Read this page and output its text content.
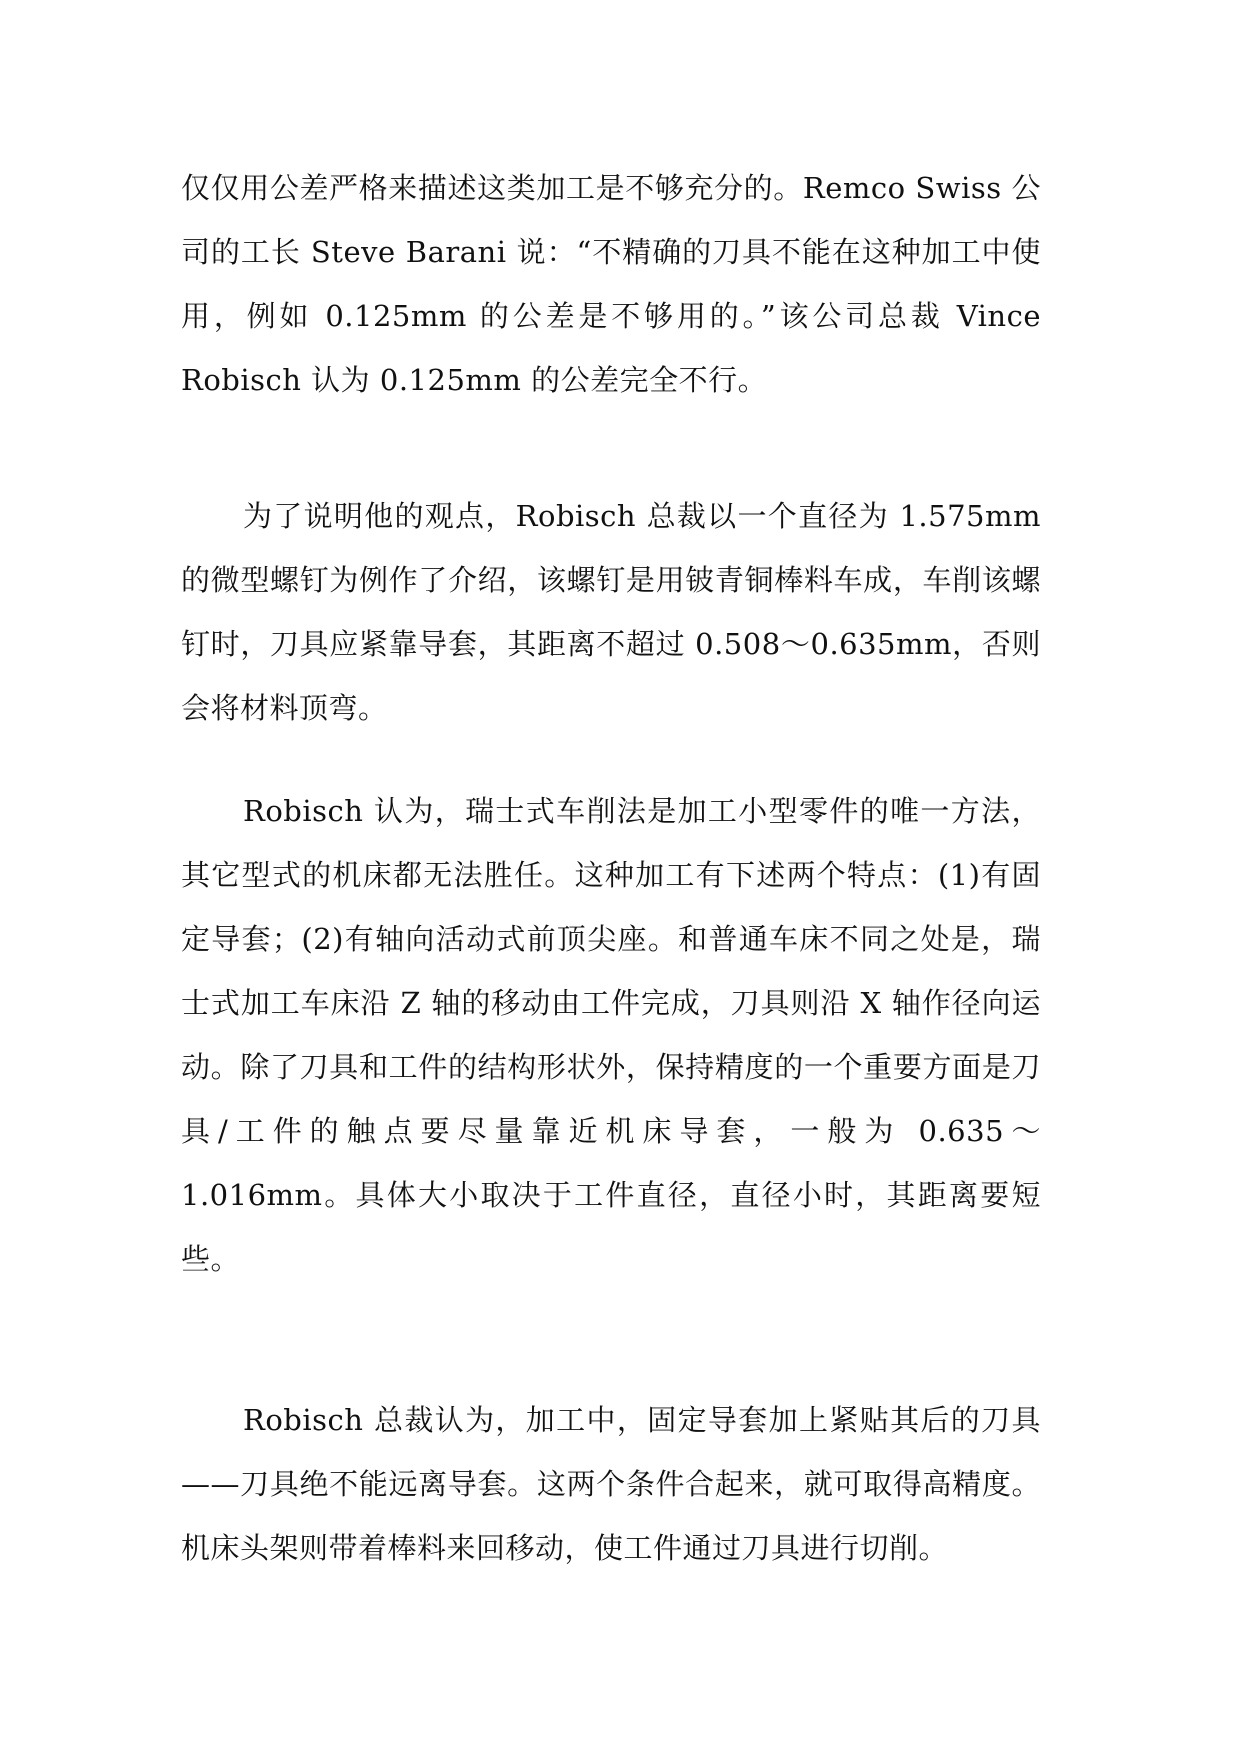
仅仅用公差严格来描述这类加工是不够充分的。Remco Swiss 公司的工长 Steve Barani 说：“不精确的刀具不能在这种加工中使用，例如 0.125mm 的公差是不够用的。”该公司总裁 Vince Robisch 认为 0.125mm 的公差完全不行。

为了说明他的观点，Robisch 总裁以一个直径为 1.575mm 的微型螺钉为例作了介绍，该螺钉是用铍青铜棒料车成，车削该螺钉时，刀具应紧靠导套，其距离不超过 0.508～0.635mm，否则会将材料顶弯。

Robisch 认为，瑞士式车削法是加工小型零件的唯一方法，其它型式的机床都无法胜任。这种加工有下述两个特点：(1)有固定导套；(2)有轴向活动式前顶尖座。和普通车床不同之处是，瑞士式加工车床沿 Z 轴的移动由工件完成，刀具则沿 X 轴作径向运动。除了刀具和工件的结构形状外，保持精度的一个重要方面是刀具/工件的触点要尽量靠近机床导套，一般为 0.635～1.016mm。具体大小取决于工件直径，直径小时，其距离要短些。

Robisch 总裁认为，加工中，固定导套加上紧贴其后的刀具——刀具绝不能远离导套。这两个条件合起来，就可取得高精度。机床头架则带着棒料来回移动，使工件通过刀具进行切削。
